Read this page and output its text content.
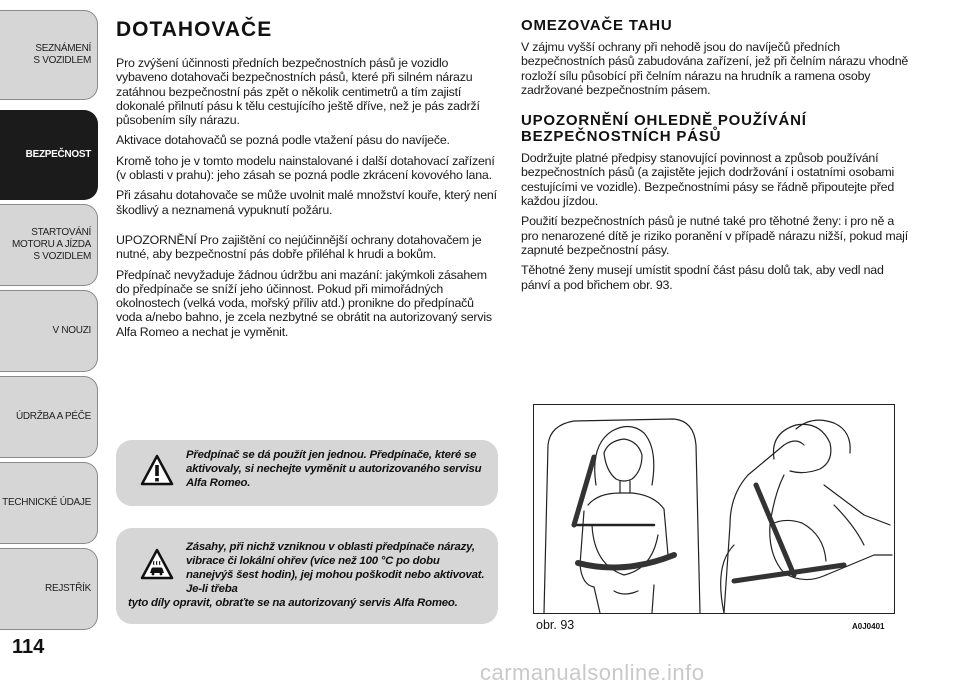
SEZNÁMENÍ S VOZIDLEM
BEZPEČNOST
STARTOVÁNÍ MOTORU A JÍZDA S VOZIDLEM
V NOUZI
ÚDRŽBA A PÉČE
TECHNICKÉ ÚDAJE
REJSTŘÍK
114
DOTAHOVAČE

Pro zvýšení účinnosti předních bezpečnostních pásů je vozidlo vybaveno dotahovači bezpečnostních pásů, které při silném nárazu zatáhnou bezpečnostní pás zpět o několik centimetrů a tím zajistí dokonalé přilnutí pásu k tělu cestujícího ještě dříve, než je pás zadrží působením síly nárazu.

Aktivace dotahovačů se pozná podle vtažení pásu do navíječe.

Kromě toho je v tomto modelu nainstalované i další dotahovací zařízení (v oblasti v prahu): jeho zásah se pozná podle zkrácení kovového lana.

Při zásahu dotahovače se může uvolnit malé množství kouře, který není škodlivý a neznamená vypuknutí požáru.

UPOZORNĚNÍ Pro zajištění co nejúčinnější ochrany dotahovačem je nutné, aby bezpečnostní pás dobře přiléhal k hrudi a bokům.

Předpínač nevyžaduje žádnou údržbu ani mazání: jakýmkoli zásahem do předpínače se sníží jeho účinnost. Pokud při mimořádných okolnostech (velká voda, mořský příliv atd.) pronikne do předpínačů voda a/nebo bahno, je zcela nezbytné se obrátit na autorizovaný servis Alfa Romeo a nechat je vyměnit.

Předpínač se dá použít jen jednou. Předpínače, které se aktivovaly, si nechejte vyměnit u autorizovaného servisu Alfa Romeo.

Zásahy, při nichž vzniknou v oblasti předpínače nárazy, vibrace či lokální ohřev (více než 100 °C po dobu nanejvýš šest hodin), jej mohou poškodit nebo aktivovat. Je-li třeba

tyto díly opravit, obraťte se na autorizovaný servis Alfa Romeo.

OMEZOVAČE TAHU

V zájmu vyšší ochrany při nehodě jsou do navíječů předních bezpečnostních pásů zabudována zařízení, jež při čelním nárazu vhodně rozloží sílu působící při čelním nárazu na hrudník a ramena osoby zadržované bezpečnostním pásem.

UPOZORNĚNÍ OHLEDNĚ POUŽÍVÁNÍ BEZPEČNOSTNÍCH PÁSŮ

Dodržujte platné předpisy stanovující povinnost a způsob používání bezpečnostních pásů (a zajistěte jejich dodržování i ostatními osobami cestujícími ve vozidle). Bezpečnostními pásy se řádně připoutejte před každou jízdou.

Použití bezpečnostních pásů je nutné také pro těhotné ženy: i pro ně a pro nenarozené dítě je riziko poranění v případě nárazu nižší, pokud mají zapnuté bezpečnostní pásy.

Těhotné ženy musejí umístit spodní část pásu dolů tak, aby vedl nad pánví a pod břichem obr. 93.

obr. 93	A0J0401
carmanualsonline.info
